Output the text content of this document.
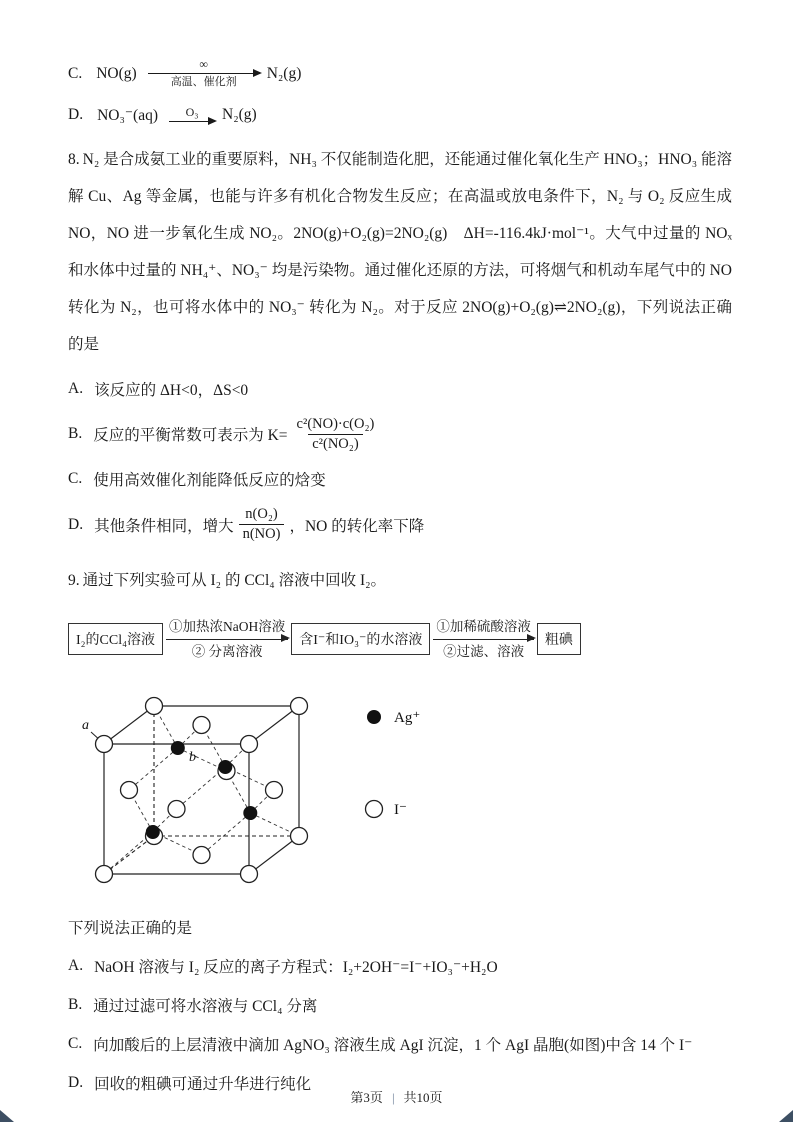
C. NO(g)
∞
高温、催化剂
N₂(g)
D. NO₃⁻(aq) O₃ N₂(g)

8. N₂ 是合成氨工业的重要原料，NH₃ 不仅能制造化肥，还能通过催化氧化生产 HNO₃；HNO₃ 能溶解 Cu、Ag 等金属，也能与许多有机化合物发生反应；在高温或放电条件下，N₂ 与 O₂ 反应生成 NO，NO 进一步氧化生成 NO₂。2NO(g)+O₂(g)=2NO₂(g)　ΔH=-116.4kJ·mol⁻¹。大气中过量的 NOₓ 和水体中过量的 NH₄⁺、NO₃⁻ 均是污染物。通过催化还原的方法，可将烟气和机动车尾气中的 NO 转化为 N₂，也可将水体中的 NO₃⁻ 转化为 N₂。对于反应 2NO(g)+O₂(g)⇌2NO₂(g)，下列说法正确的是

A. 该反应的 ΔH<0，ΔS<0
B. 反应的平衡常数可表示为 $K= \frac{\text{c²(NO)·c(O₂)}}{\text{c²(NO₂)}}$
C. 使用高效催化剂能降低反应的焓变
D. 其他条件相同，增大 $\frac{\text{n(O₂)}}{n(NO)}$ ，NO 的转化率下降

9. 通过下列实验可从 I₂ 的 CCl₄ 溶液中回收 I₂。

I₂的CCl₄溶液
①加热浓NaOH溶液
② 分离溶液
含I⁻和IO₃⁻的水溶液
①加稀硫酸溶液
②过滤、溶液
粗碘
a
b
Ag⁺
I⁻
下列说法正确的是
A. NaOH 溶液与 I₂ 反应的离子方程式：I₂+2OH⁻=I⁻+IO₃⁻+H₂O
B. 通过过滤可将水溶液与 CCl₄ 分离
C. 向加酸后的上层清液中滴加 AgNO₃ 溶液生成 AgI 沉淀，1 个 AgI 晶胞(如图)中含 14 个 I⁻
D. 回收的粗碘可通过升华进行纯化
第3页 | 共10页
